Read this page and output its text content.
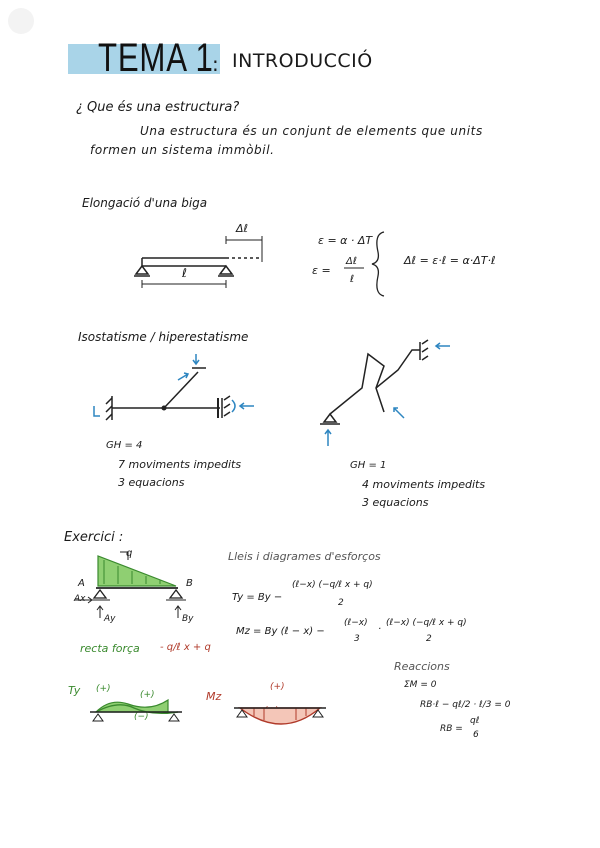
TEMA 1
: INTRODUCCIÓ
¿ Que és una estructura?
Una estructura és un conjunt de elements que units
formen un sistema immòbil.
Elongació d'una biga
Δℓ
ℓ
ε = α · ΔT
ε =
Δℓ
ℓ
Δℓ = ε·ℓ = α·ΔT·ℓ
Isostatisme / hiperestatisme
GH = 4
7 moviments impedits
3 equacions
GH = 1
4 moviments impedits
3 equacions
Exercici :
q
A	B
Ax
Ay	By
recta força - q/ℓ x + q
Lleis i diagrames d'esforços
Ty = By −
(ℓ−x) (−q/ℓ x + q)
2
Mz = By (ℓ − x) −
(ℓ−x)
3
·
(ℓ−x) (−q/ℓ x + q)
2
Reaccions
ΣM = 0
RB·ℓ − qℓ/2 · ℓ/3 = 0
RB =
qℓ
6
Ty (+)
(+)
(−)
Mz
(+)
